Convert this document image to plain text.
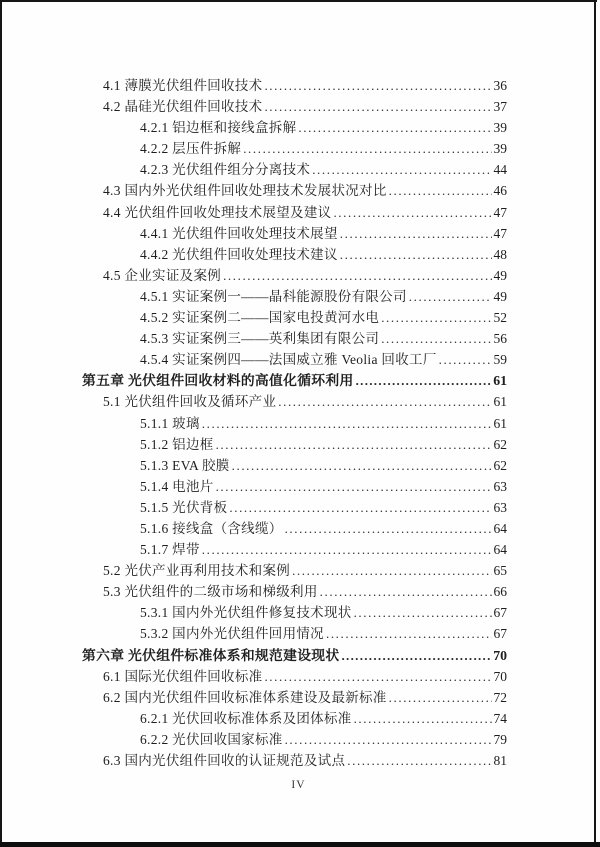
4.1 薄膜光伏组件回收技术 .....	36
4.2 晶硅光伏组件回收技术 .....	37
4.2.1 铝边框和接线盒拆解 .....	39
4.2.2 层压件拆解 .....	39
4.2.3 光伏组件组分分离技术 .....	44
4.3 国内外光伏组件回收处理技术发展状况对比 .....	46
4.4 光伏组件回收处理技术展望及建议 .....	47
4.4.1 光伏组件回收处理技术展望 .....	47
4.4.2 光伏组件回收处理技术建议 .....	48
4.5 企业实证及案例 .....	49
4.5.1 实证案例一——晶科能源股份有限公司 .....	49
4.5.2 实证案例二——国家电投黄河水电 .....	52
4.5.3 实证案例三——英利集团有限公司 .....	56
4.5.4 实证案例四——法国威立雅 Veolia 回收工厂 .....	59
第五章 光伏组件回收材料的高值化循环利用 .....	61
5.1 光伏组件回收及循环产业 .....	61
5.1.1 玻璃 .....	61
5.1.2 铝边框 .....	62
5.1.3 EVA 胶膜 .....	62
5.1.4 电池片 .....	63
5.1.5 光伏背板 .....	63
5.1.6 接线盒（含线缆） .....	64
5.1.7 焊带 .....	64
5.2 光伏产业再利用技术和案例 .....	65
5.3 光伏组件的二级市场和梯级利用 .....	66
5.3.1 国内外光伏组件修复技术现状 .....	67
5.3.2 国内外光伏组件回用情况 .....	67
第六章 光伏组件标准体系和规范建设现状 .....	70
6.1 国际光伏组件回收标准 .....	70
6.2 国内光伏组件回收标准体系建设及最新标准 .....	72
6.2.1 光伏回收标准体系及团体标准 .....	74
6.2.2 光伏回收国家标准 .....	79
6.3 国内光伏组件回收的认证规范及试点 .....	81
IV
